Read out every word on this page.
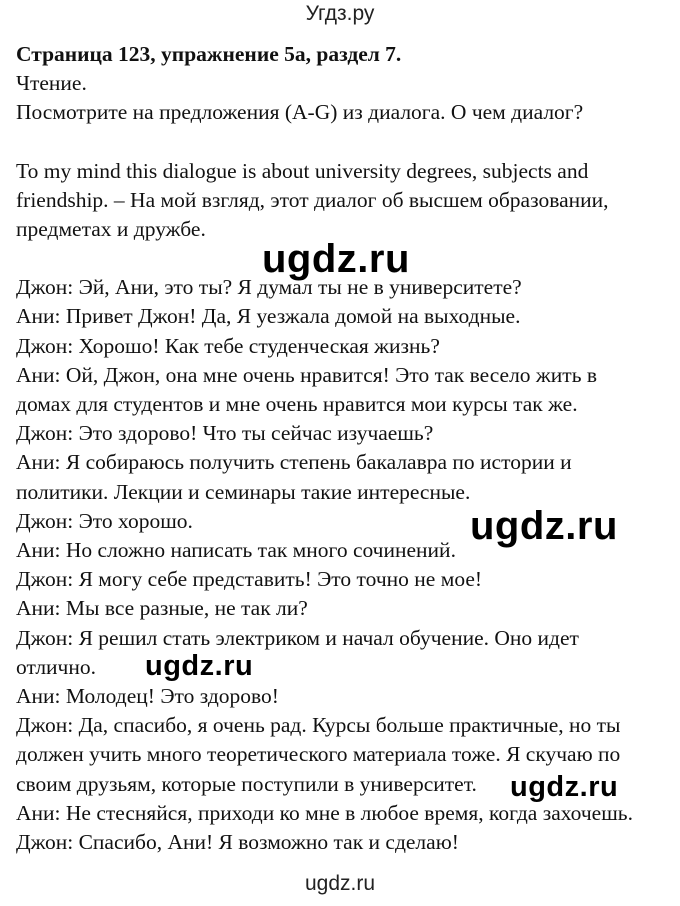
Угдз.ру

Страница 123, упражнение 5а, раздел 7.

Чтение.

Посмотрите на предложения (A-G) из диалога. О чем диалог?

To my mind this dialogue is about university degrees, subjects and

friendship. – На мой взгляд, этот диалог об высшем образовании,

предметах и дружбе.

Джон: Эй, Ани, это ты? Я думал ты не в университете?

Ани: Привет Джон! Да, Я уезжала домой на выходные.

Джон: Хорошо! Как тебе студенческая жизнь?

Ани: Ой, Джон, она мне очень нравится! Это так весело жить в

домах для студентов и мне очень нравится мои курсы так же.

Джон: Это здорово! Что ты сейчас изучаешь?

Ани: Я собираюсь получить степень бакалавра по истории и

политики. Лекции и семинары такие интересные.

Джон: Это хорошо.

Ани: Но сложно написать так много сочинений.

Джон: Я могу себе представить! Это точно не мое!

Ани: Мы все разные, не так ли?

Джон: Я решил стать электриком и начал обучение. Оно идет

отлично.

Ани: Молодец! Это здорово!

Джон: Да, спасибо, я очень рад. Курсы больше практичные, но ты

должен учить много теоретического материала тоже. Я скучаю по

своим друзьям, которые поступили в университет.

Ани: Не стесняйся, приходи ко мне в любое время, когда захочешь.

Джон: Спасибо, Ани! Я возможно так и сделаю!

ugdz.ru
ugdz.ru
ugdz.ru
ugdz.ru
ugdz.ru
